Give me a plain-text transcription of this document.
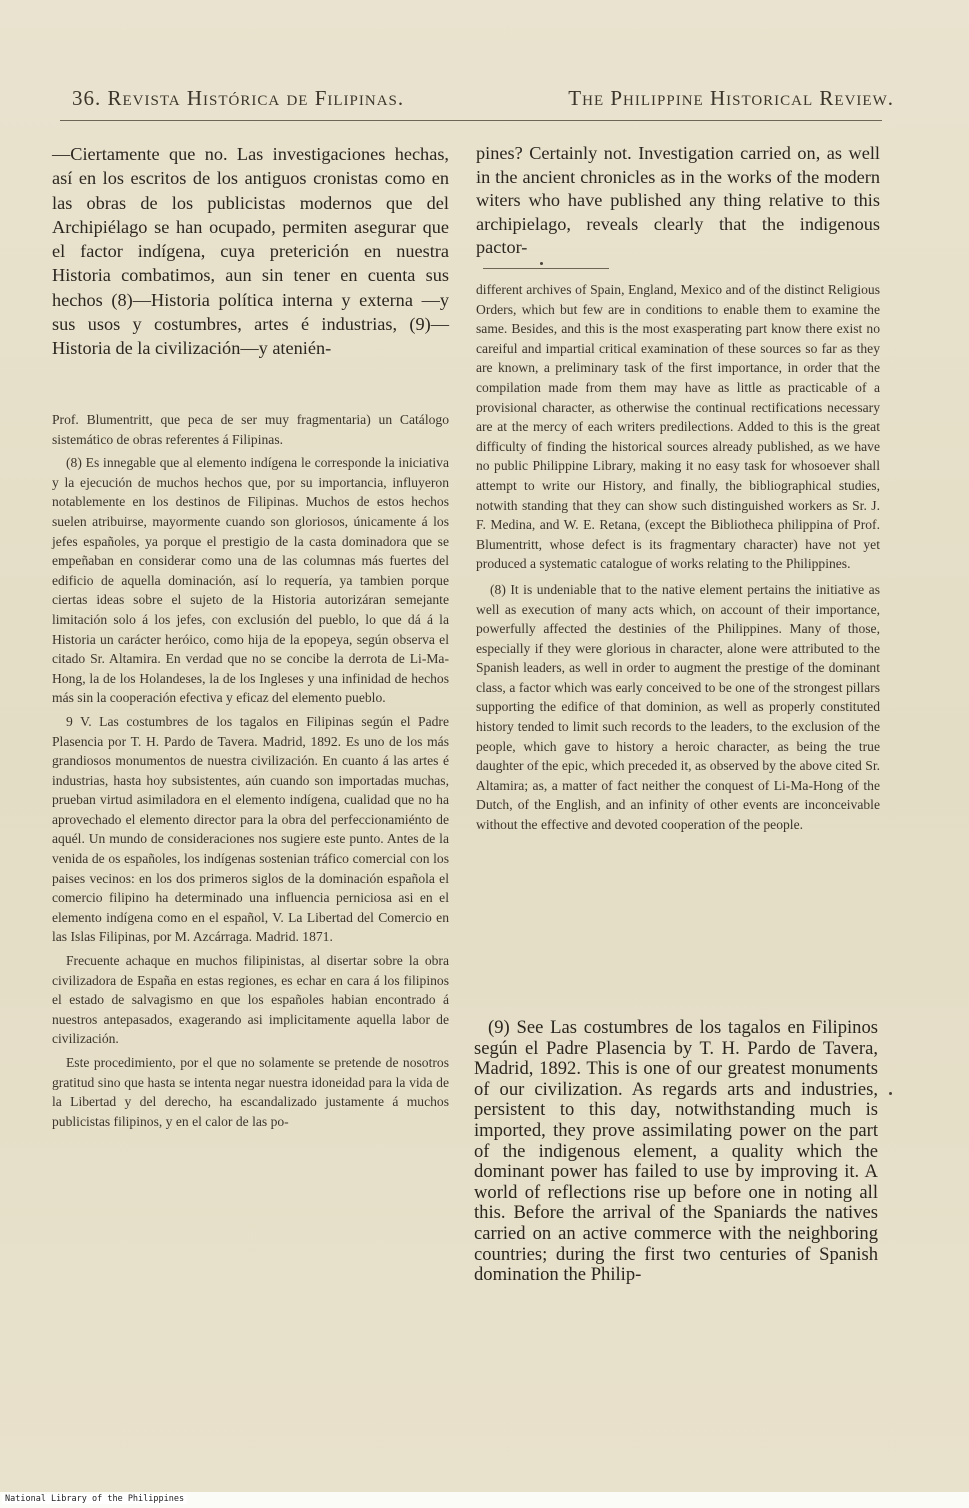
36. Revista Histórica de Filipinas.	The Philippine Historical Review.
—Ciertamente que no. Las investigaciones hechas, así en los escritos de los antiguos cronistas como en las obras de los publicistas modernos que del Archipiélago se han ocupado, permiten asegurar que el factor indígena, cuya preterición en nuestra Historia combatimos, aun sin tener en cuenta sus hechos (8)—Historia política interna y externa —y sus usos y costumbres, artes é industrias, (9)—Historia de la civilización—y atenién-

Prof. Blumentritt, que peca de ser muy fragmentaria) un Catálogo sistemático de obras referentes á Filipinas.

(8) Es innegable que al elemento indígena le corresponde la iniciativa y la ejecución de muchos hechos que, por su importancia, influyeron notablemente en los destinos de Filipinas. Muchos de estos hechos suelen atribuirse, mayormente cuando son gloriosos, únicamente á los jefes españoles, ya porque el prestigio de la casta dominadora que se empeñaban en considerar como una de las columnas más fuertes del edificio de aquella dominación, así lo requería, ya tambien porque ciertas ideas sobre el sujeto de la Historia autorizáran semejante limitación solo á los jefes, con exclusión del pueblo, lo que dá á la Historia un carácter heróico, como hija de la epopeya, según observa el citado Sr. Altamira. En verdad que no se concibe la derrota de Li-Ma-Hong, la de los Holandeses, la de los Ingleses y una infinidad de hechos más sin la cooperación efectiva y eficaz del elemento pueblo.

9 V. Las costumbres de los tagalos en Filipinas según el Padre Plasencia por T. H. Pardo de Tavera. Madrid, 1892. Es uno de los más grandiosos monumentos de nuestra civilización. En cuanto á las artes é industrias, hasta hoy subsistentes, aún cuando son importadas muchas, prueban virtud asimiladora en el elemento indígena, cualidad que no ha aprovechado el elemento director para la obra del perfeccionamiénto de aquél. Un mundo de consideraciones nos sugiere este punto. Antes de la venida de os españoles, los indígenas sostenian tráfico comercial con los paises vecinos: en los dos primeros siglos de la dominación española el comercio filipino ha determinado una influencia perniciosa asi en el elemento indígena como en el español, V. La Libertad del Comercio en las Islas Filipinas, por M. Azcárraga. Madrid. 1871.

Frecuente achaque en muchos filipinistas, al disertar sobre la obra civilizadora de España en estas regiones, es echar en cara á los filipinos el estado de salvagismo en que los españoles habian encontrado á nuestros antepasados, exagerando asi implicitamente aquella labor de civilización.

Este procedimiento, por el que no solamente se pretende de nosotros gratitud sino que hasta se intenta negar nuestra idoneidad para la vida de la Libertad y del derecho, ha escandalizado justamente á muchos publicistas filipinos, y en el calor de las po-

pines? Certainly not. Investigation carried on, as well in the ancient chronicles as in the works of the modern witers who have published any thing relative to this archipielago, reveals clearly that the indigenous pactor-

different archives of Spain, England, Mexico and of the distinct Religious Orders, which but few are in conditions to enable them to examine the same. Besides, and this is the most exasperating part know there exist no careiful and impartial critical examination of these sources so far as they are known, a preliminary task of the first importance, in order that the compilation made from them may have as little as practicable of a provisional character, as otherwise the continual rectifications necessary are at the mercy of each writers predilections. Added to this is the great difficulty of finding the historical sources already published, as we have no public Philippine Library, making it no easy task for whosoever shall attempt to write our History, and finally, the bibliographical studies, notwith standing that they can show such distinguished workers as Sr. J. F. Medina, and W. E. Retana, (except the Bibliotheca philippina of Prof. Blumentritt, whose defect is its fragmentary character) have not yet produced a systematic catalogue of works relating to the Philippines.

(8) It is undeniable that to the native element pertains the initiative as well as execution of many acts which, on account of their importance, powerfully affected the destinies of the Philippines. Many of those, especially if they were glorious in character, alone were attributed to the Spanish leaders, as well in order to augment the prestige of the dominant class, a factor which was early conceived to be one of the strongest pillars supporting the edifice of that dominion, as well as properly constituted history tended to limit such records to the leaders, to the exclusion of the people, which gave to history a heroic character, as being the true daughter of the epic, which preceded it, as observed by the above cited Sr. Altamira; as, a matter of fact neither the conquest of Li-Ma-Hong of the Dutch, of the English, and an infinity of other events are inconceivable without the effective and devoted cooperation of the people.

(9) See Las costumbres de los tagalos en Filipinos según el Padre Plasencia by T. H. Pardo de Tavera, Madrid, 1892. This is one of our greatest monuments of our civilization. As regards arts and industries, persistent to this day, notwithstanding much is imported, they prove assimilating power on the part of the indigenous element, a quality which the dominant power has failed to use by improving it. A world of reflections rise up before one in noting all this. Before the arrival of the Spaniards the natives carried on an active commerce with the neighboring countries; during the first two centuries of Spanish domination the Philip-
National Library of the Philippines
